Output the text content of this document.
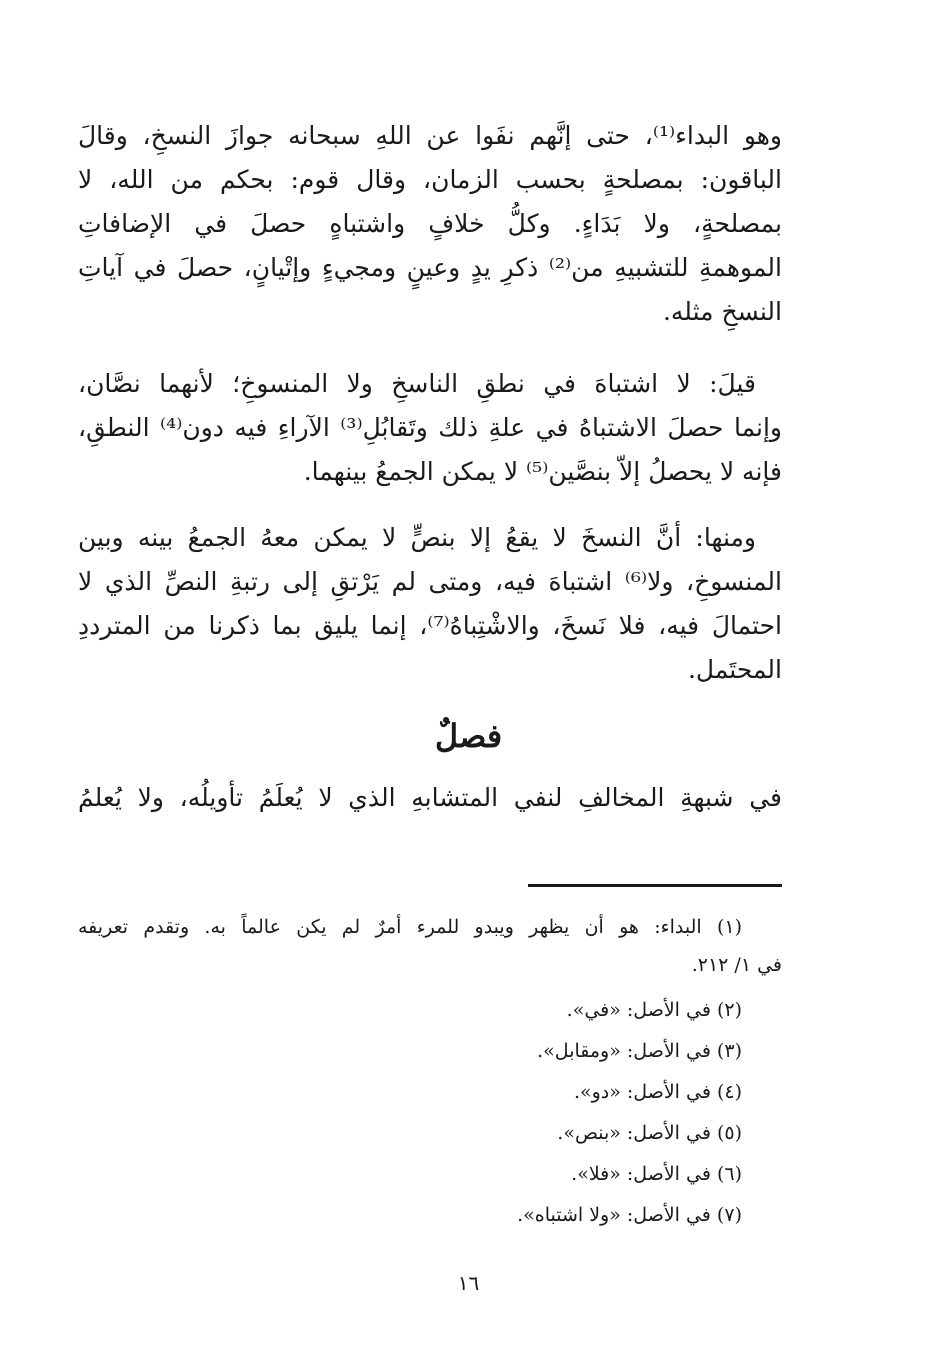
وهو البداء⁽¹⁾، حتى إنَّهم نفَوا عن اللهِ سبحانه جوازَ النسخِ، وقالَ
الباقون: بمصلحةٍ بحسب الزمان، وقال قوم: بحكم من الله، لا
بمصلحةٍ، ولا بَدَاءٍ. وكلُّ خلافٍ واشتباهٍ حصلَ في الإضافاتِ
الموهمةِ للتشبيهِ من⁽²⁾ ذكرِ يدٍ وعينٍ ومجيءٍ وإتْيانٍ، حصلَ في آياتِ
النسخِ مثله.
قيلَ: لا اشتباهَ في نطقِ الناسخِ ولا المنسوخِ؛ لأنهما نصَّان،
وإنما حصلَ الاشتباهُ في علةِ ذلك وتَقابُلِ⁽³⁾ الآراءِ فيه دون⁽⁴⁾ النطقِ،
فإنه لا يحصلُ إلاّ بنصَّين⁽⁵⁾ لا يمكن الجمعُ بينهما.
ومنها: أنَّ النسخَ لا يقعُ إلا بنصٍّ لا يمكن معهُ الجمعُ بينه وبين
المنسوخِ، ولا⁽⁶⁾ اشتباهَ فيه، ومتى لم يَرْتقِ إلى رتبةِ النصِّ الذي لا
احتمالَ فيه، فلا نَسخَ، والاشْتِباهُ⁽⁷⁾، إنما يليق بما ذكرنا من المترددِ
المحتَمل.
فصلٌ
في شبهةِ المخالفِ لنفي المتشابهِ الذي لا يُعلَمُ تأويلُه، ولا يُعلمُ
(١) البداء: هو أن يظهر ويبدو للمرء أمرٌ لم يكن عالماً به. وتقدم تعريفه
في ١/ ٢١٢.
(٢) في الأصل: «في».
(٣) في الأصل: «ومقابل».
(٤) في الأصل: «دو».
(٥) في الأصل: «بنص».
(٦) في الأصل: «فلا».
(٧) في الأصل: «ولا اشتباه».
١٦
